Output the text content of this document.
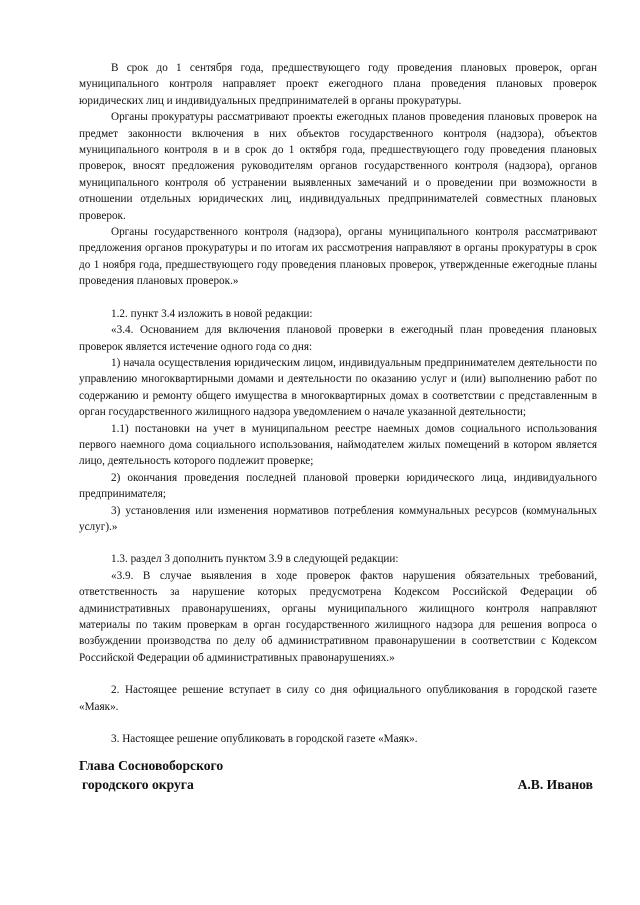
В срок до 1 сентября года, предшествующего году проведения плановых проверок, орган муниципального контроля направляет проект ежегодного плана проведения плановых проверок юридических лиц и индивидуальных предпринимателей в органы прокуратуры.

Органы прокуратуры рассматривают проекты ежегодных планов проведения плановых проверок на предмет законности включения в них объектов государственного контроля (надзора), объектов муниципального контроля в и в срок до 1 октября года, предшествующего году проведения плановых проверок, вносят предложения руководителям органов государственного контроля (надзора), органов муниципального контроля об устранении выявленных замечаний и о проведении при возможности в отношении отдельных юридических лиц, индивидуальных предпринимателей совместных плановых проверок.

Органы государственного контроля (надзора), органы муниципального контроля рассматривают предложения органов прокуратуры и по итогам их рассмотрения направляют в органы прокуратуры в срок до 1 ноября года, предшествующего году проведения плановых проверок, утвержденные ежегодные планы проведения плановых проверок.»

1.2. пункт 3.4 изложить в новой редакции:

«3.4. Основанием для включения плановой проверки в ежегодный план проведения плановых проверок является истечение одного года со дня:

1) начала осуществления юридическим лицом, индивидуальным предпринимателем деятельности по управлению многоквартирными домами и деятельности по оказанию услуг и (или) выполнению работ по содержанию и ремонту общего имущества в многоквартирных домах в соответствии с представленным в орган государственного жилищного надзора уведомлением о начале указанной деятельности;

1.1) постановки на учет в муниципальном реестре наемных домов социального использования первого наемного дома социального использования, наймодателем жилых помещений в котором является лицо, деятельность которого подлежит проверке;

2) окончания проведения последней плановой проверки юридического лица, индивидуального предпринимателя;

3) установления или изменения нормативов потребления коммунальных ресурсов (коммунальных услуг).»

1.3. раздел 3 дополнить пунктом 3.9 в следующей редакции:

«3.9. В случае выявления в ходе проверок фактов нарушения обязательных требований, ответственность за нарушение которых предусмотрена Кодексом Российской Федерации об административных правонарушениях, органы муниципального жилищного контроля направляют материалы по таким проверкам в орган государственного жилищного надзора для решения вопроса о возбуждении производства по делу об административном правонарушении в соответствии с Кодексом Российской Федерации об административных правонарушениях.»

2. Настоящее решение вступает в силу со дня официального опубликования в городской газете «Маяк».

3. Настоящее решение опубликовать в городской газете «Маяк».

Глава Сосновоборского
городского округа	А.В. Иванов
